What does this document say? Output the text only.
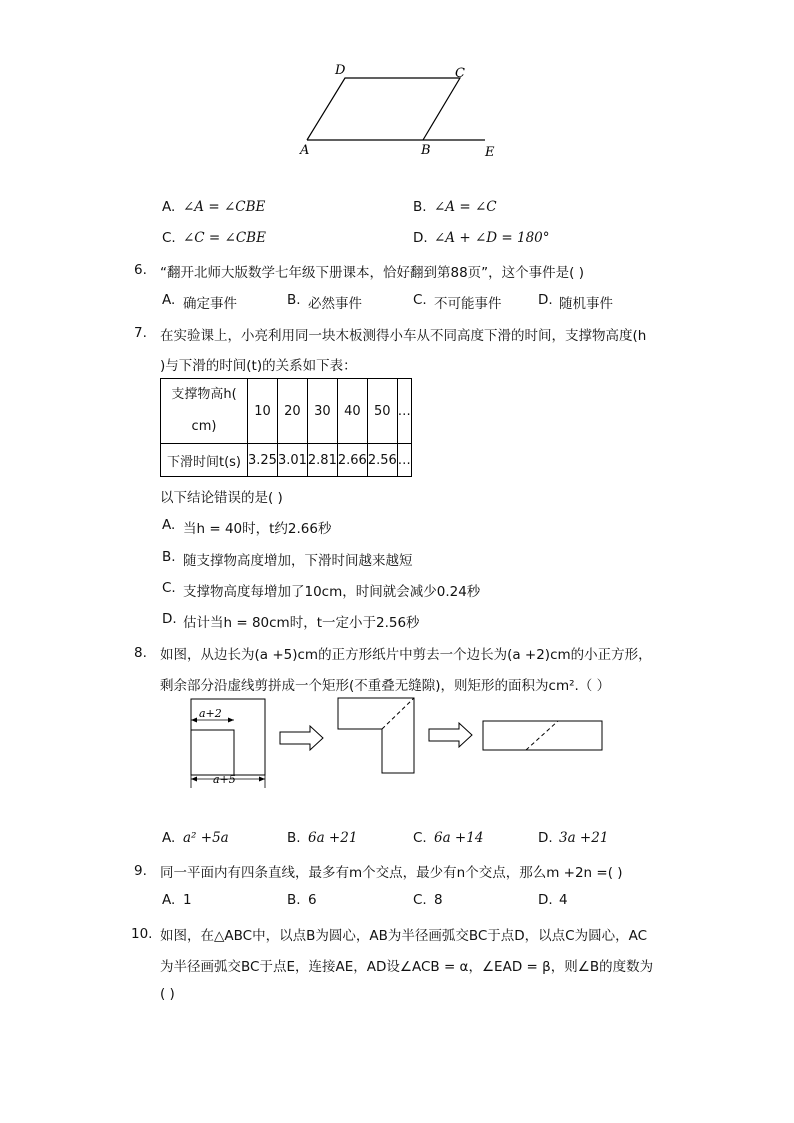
D	C
A	B	E
A. ∠A = ∠CBE	B. ∠A = ∠C
C. ∠C = ∠CBE	D. ∠A + ∠D = 180°
6. “翻开北师大版数学七年级下册课本，恰好翻到第88页”，这个事件是( )
A. 确定事件	B. 必然事件	C. 不可能事件	D. 随机事件
7. 在实验课上，小亮利用同一块木板测得小车从不同高度下滑的时间，支撑物高度(h
)与下滑的时间(t)的关系如下表：
支撑物高h(
cm)	10	20	30	40	50	…
下滑时间t(s)	3.25	3.01	2.81	2.66	2.56	…
以下结论错误的是( )
A. 当h = 40时，t约2.66秒
B. 随支撑物高度增加，下滑时间越来越短
C. 支撑物高度每增加了10cm，时间就会减少0.24秒
D. 估计当h = 80cm时，t一定小于2.56秒
8. 如图，从边长为(a +5)cm的正方形纸片中剪去一个边长为(a +2)cm的小正方形，
剩余部分沿虚线剪拼成一个矩形(不重叠无缝隙)，则矩形的面积为cm².（ ）
a+2
a+5
A. a² +5a	B. 6a +21	C. 6a +14	D. 3a +21
9. 同一平面内有四条直线，最多有m个交点，最少有n个交点，那么m +2n =( )
A. 1	B. 6	C. 8	D. 4
10. 如图，在△ABC中，以点B为圆心，AB为半径画弧交BC于点D，以点C为圆心，AC
为半径画弧交BC于点E，连接AE，AD设∠ACB = α，∠EAD = β，则∠B的度数为
( )
